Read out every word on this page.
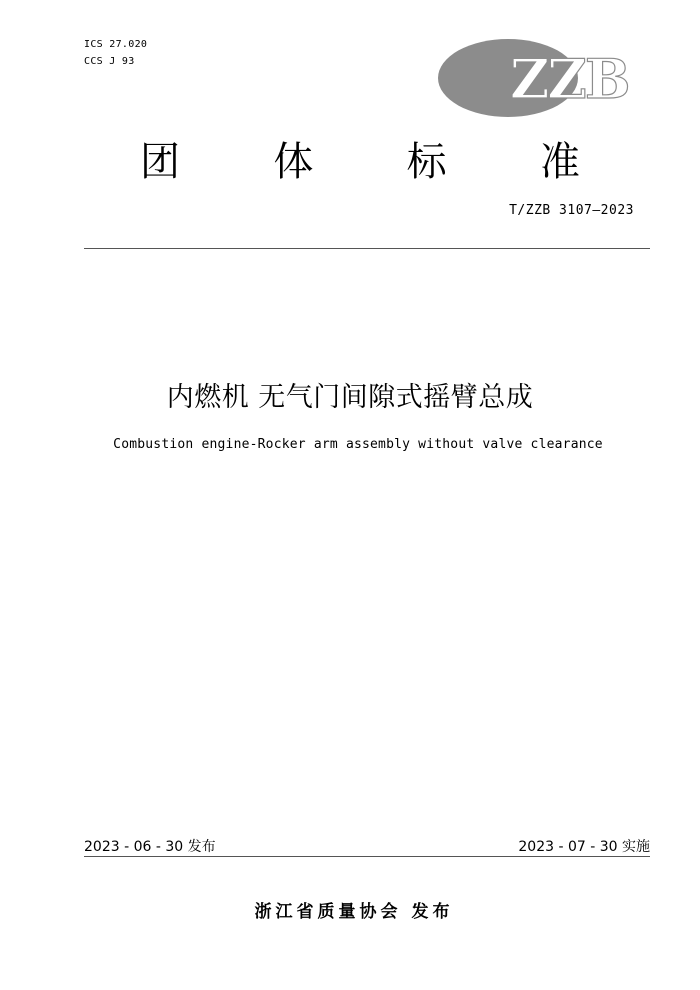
ICS 27.020
CCS J 93	ZZB
团	体	标	准
T/ZZB 3107—2023
内燃机 无气门间隙式摇臂总成
Combustion engine-Rocker arm assembly without valve clearance
2023 - 06 - 30 发布	2023 - 07 - 30 实施
浙江省质量协会 发布
